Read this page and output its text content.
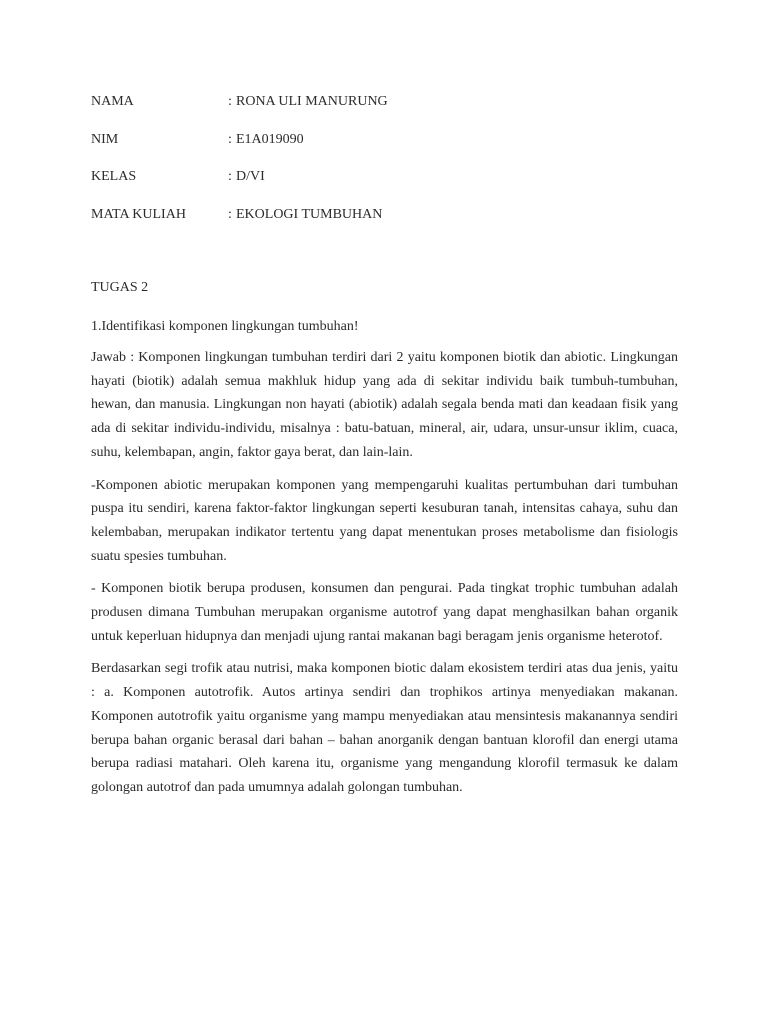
NAMA	: RONA ULI MANURUNG
NIM	: E1A019090
KELAS	: D/VI
MATA KULIAH	: EKOLOGI TUMBUHAN
TUGAS 2

1.Identifikasi komponen lingkungan tumbuhan!

Jawab : Komponen lingkungan tumbuhan terdiri dari 2 yaitu komponen biotik dan abiotic. Lingkungan hayati (biotik) adalah semua makhluk hidup yang ada di sekitar individu baik tumbuh-tumbuhan, hewan, dan manusia. Lingkungan non hayati (abiotik) adalah segala benda mati dan keadaan fisik yang ada di sekitar individu-individu, misalnya : batu-batuan, mineral, air, udara, unsur-unsur iklim, cuaca, suhu, kelembapan, angin, faktor gaya berat, dan lain-lain.

-Komponen abiotic merupakan komponen yang mempengaruhi kualitas pertumbuhan dari tumbuhan puspa itu sendiri, karena faktor-faktor lingkungan seperti kesuburan tanah, intensitas cahaya, suhu dan kelembaban, merupakan indikator tertentu yang dapat menentukan proses metabolisme dan fisiologis suatu spesies tumbuhan.

- Komponen biotik berupa produsen, konsumen dan pengurai. Pada tingkat trophic tumbuhan adalah produsen dimana Tumbuhan merupakan organisme autotrof yang dapat menghasilkan bahan organik untuk keperluan hidupnya dan menjadi ujung rantai makanan bagi beragam jenis organisme heterotof.

Berdasarkan segi trofik atau nutrisi, maka komponen biotic dalam ekosistem terdiri atas dua jenis, yaitu : a. Komponen autotrofik. Autos artinya sendiri dan trophikos artinya menyediakan makanan. Komponen autotrofik yaitu organisme yang mampu menyediakan atau mensintesis makanannya sendiri berupa bahan organic berasal dari bahan – bahan anorganik dengan bantuan klorofil dan energi utama berupa radiasi matahari. Oleh karena itu, organisme yang mengandung klorofil termasuk ke dalam golongan autotrof dan pada umumnya adalah golongan tumbuhan.
